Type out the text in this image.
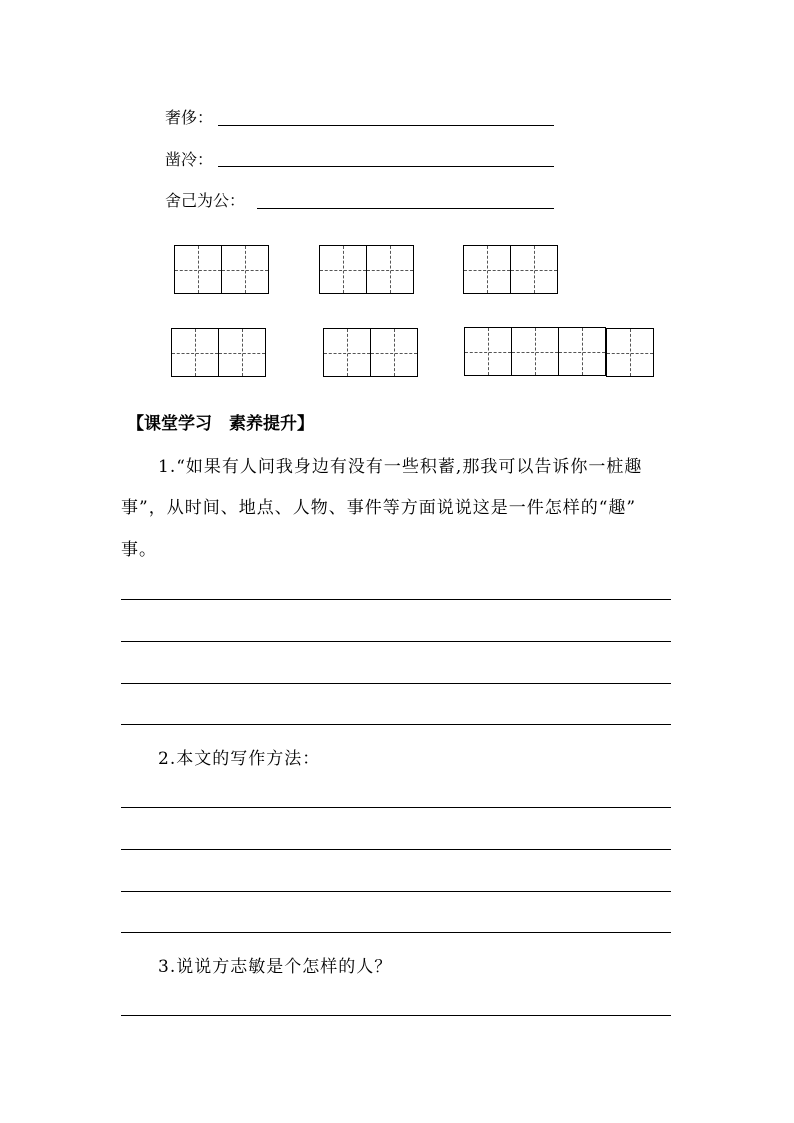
奢侈：
凿冷：
舍己为公：
【课堂学习　素养提升】
1.“如果有人问我身边有没有一些积蓄,那我可以告诉你一桩趣
事”，从时间、地点、人物、事件等方面说说这是一件怎样的“趣”
事。
2.本文的写作方法：
3.说说方志敏是个怎样的人？
